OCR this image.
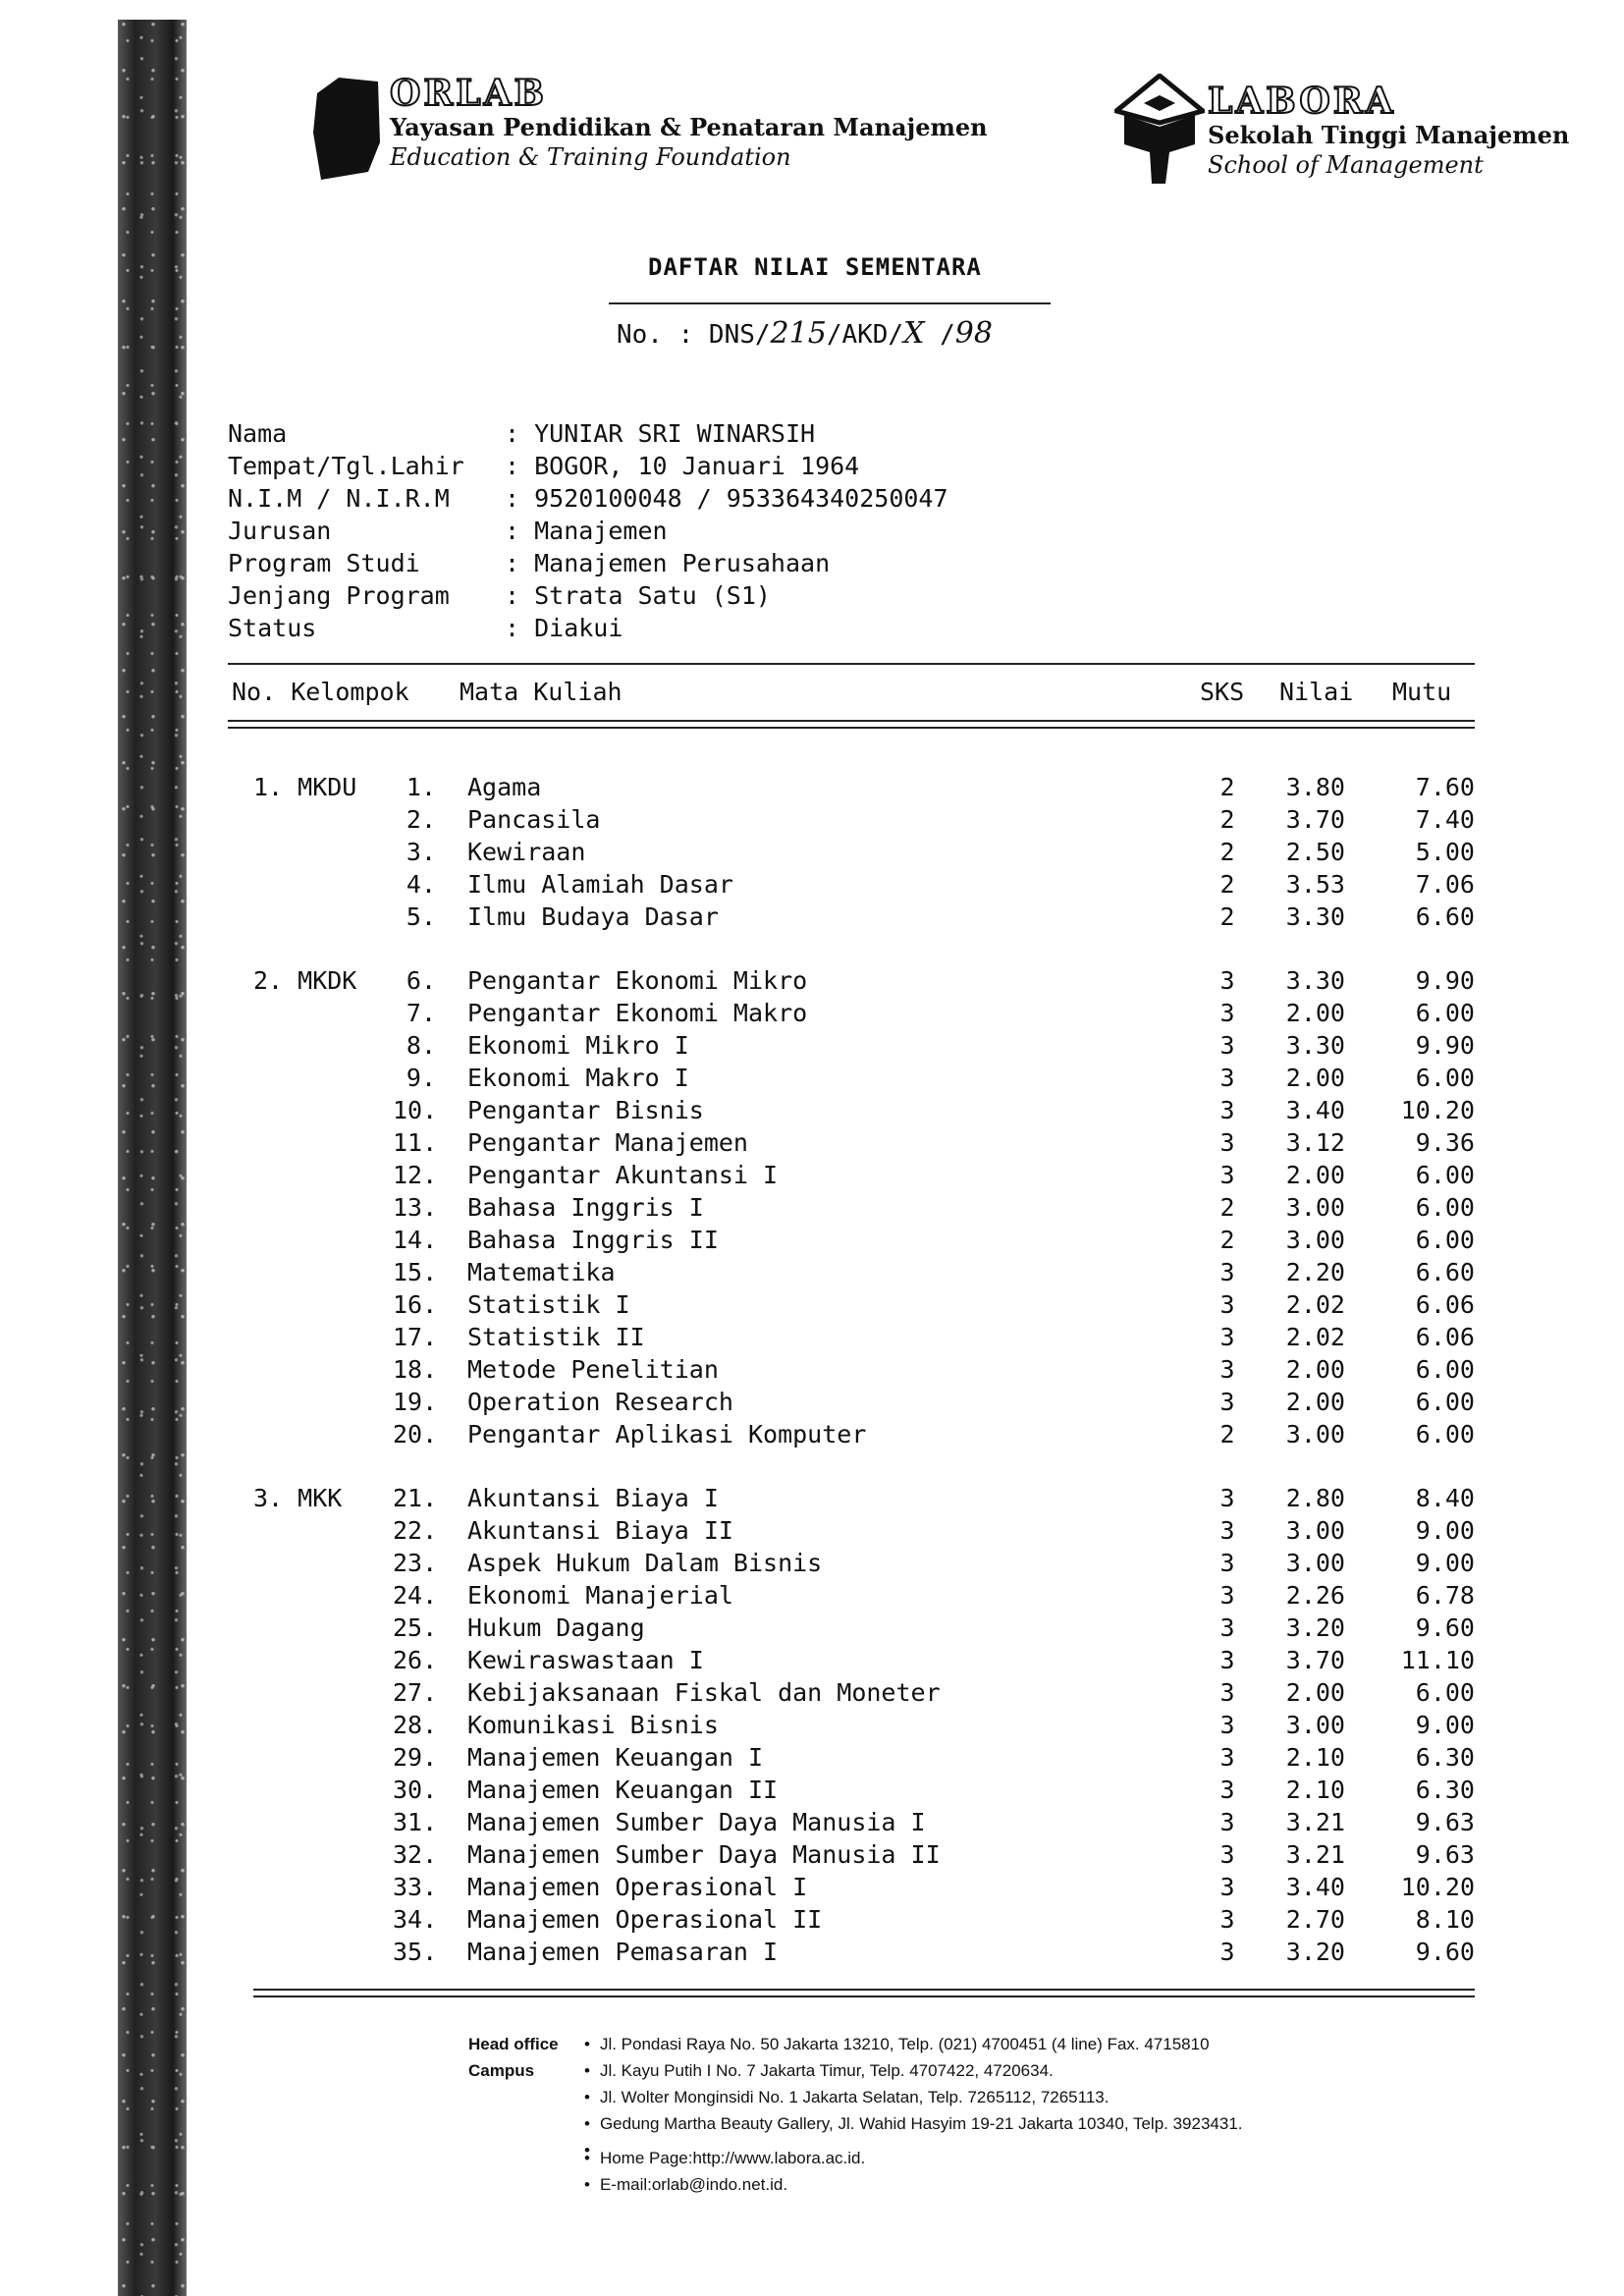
ORLAB
Yayasan Pendidikan & Penataran Manajemen
Education & Training Foundation
LABORA
Sekolah Tinggi Manajemen
School of Management
DAFTAR NILAI SEMENTARA
No. : DNS/215/AKD/X /98
Nama	: YUNIAR SRI WINARSIH
Tempat/Tgl.Lahir	: BOGOR, 10 Januari 1964
N.I.M / N.I.R.M	: 9520100048 / 953364340250047
Jurusan	: Manajemen
Program Studi	: Manajemen Perusahaan
Jenjang Program	: Strata Satu (S1)
Status	: Diakui
No. Kelompok Mata Kuliah	SKS Nilai Mutu
1. MKDU	1. Agama	2	3.80	7.60
2. Pancasila	2	3.70	7.40
3. Kewiraan	2	2.50	5.00
4. Ilmu Alamiah Dasar	2	3.53	7.06
5. Ilmu Budaya Dasar	2	3.30	6.60
2. MKDK	6. Pengantar Ekonomi Mikro	3	3.30	9.90
7. Pengantar Ekonomi Makro	3	2.00	6.00
8. Ekonomi Mikro I	3	3.30	9.90
9. Ekonomi Makro I	3	2.00	6.00
10. Pengantar Bisnis	3	3.40	10.20
11. Pengantar Manajemen	3	3.12	9.36
12. Pengantar Akuntansi I	3	2.00	6.00
13. Bahasa Inggris I	2	3.00	6.00
14. Bahasa Inggris II	2	3.00	6.00
15. Matematika	3	2.20	6.60
16. Statistik I	3	2.02	6.06
17. Statistik II	3	2.02	6.06
18. Metode Penelitian	3	2.00	6.00
19. Operation Research	3	2.00	6.00
20. Pengantar Aplikasi Komputer	2	3.00	6.00
3. MKK 21. Akuntansi Biaya I	3	2.80	8.40
22. Akuntansi Biaya II	3	3.00	9.00
23. Aspek Hukum Dalam Bisnis	3	3.00	9.00
24. Ekonomi Manajerial	3	2.26	6.78
25. Hukum Dagang	3	3.20	9.60
26. Kewiraswastaan I	3	3.70	11.10
27. Kebijaksanaan Fiskal dan Moneter	3	2.00	6.00
28. Komunikasi Bisnis	3	3.00	9.00
29. Manajemen Keuangan I	3	2.10	6.30
30. Manajemen Keuangan II	3	2.10	6.30
31. Manajemen Sumber Daya Manusia I	3	3.21	9.63
32. Manajemen Sumber Daya Manusia II	3	3.21	9.63
33. Manajemen Operasional I	3	3.40	10.20
34. Manajemen Operasional II	3	2.70	8.10
35. Manajemen Pemasaran I	3	3.20	9.60
Head office
Campus
• Jl. Pondasi Raya No. 50 Jakarta 13210, Telp. (021) 4700451 (4 line) Fax. 4715810
• Jl. Kayu Putih I No. 7 Jakarta Timur, Telp. 4707422, 4720634.
• Jl. Wolter Monginsidi No. 1 Jakarta Selatan, Telp. 7265112, 7265113.
• Gedung Martha Beauty Gallery, Jl. Wahid Hasyim 19-21 Jakarta 10340, Telp. 3923431.
•
• Home Page:http://www.labora.ac.id.
• E-mail:orlab@indo.net.id.
